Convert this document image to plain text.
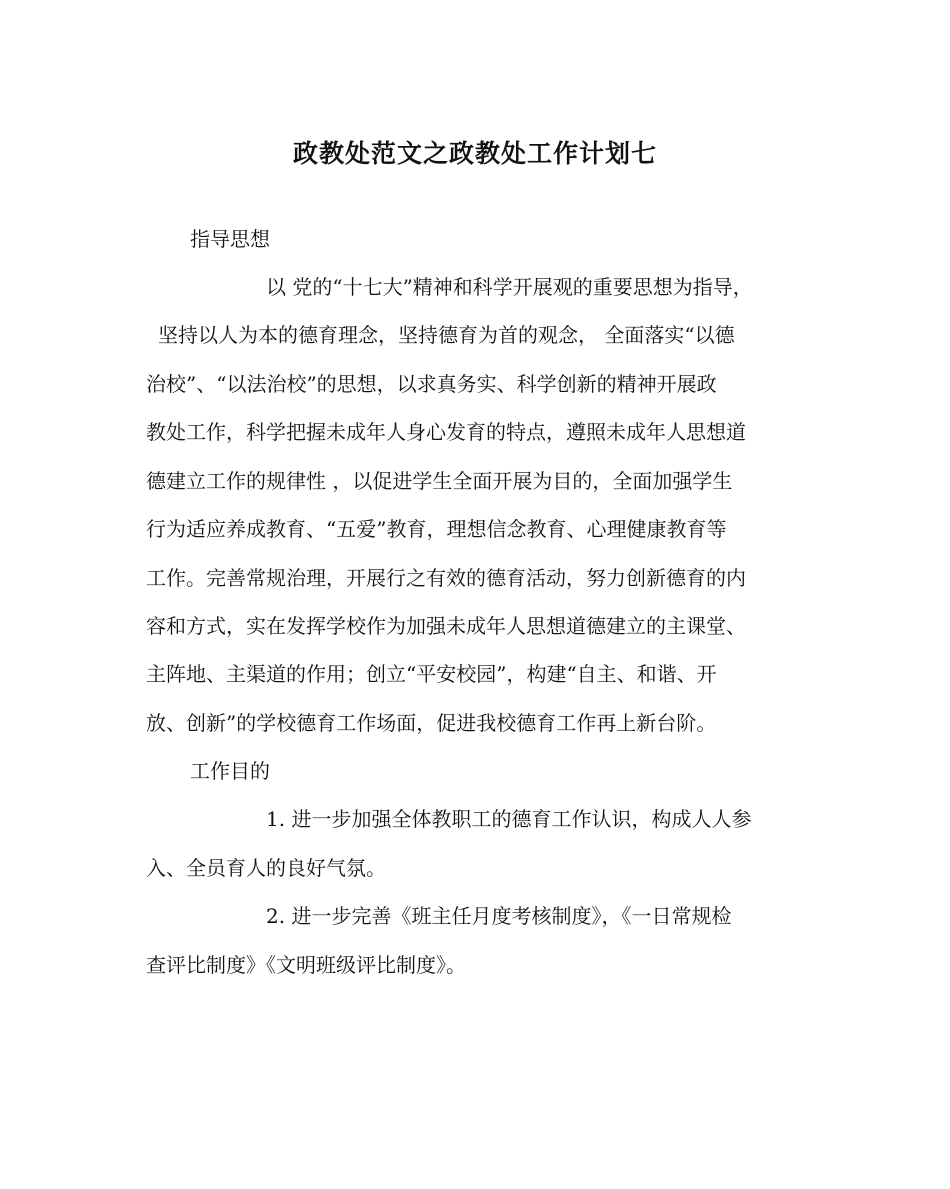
政教处范文之政教处工作计划七
指导思想
以 党的“十七大”精神和科学开展观的重要思想为指导，
坚持以人为本的德育理念，坚持德育为首的观念， 全面落实“以德
治校”、“以法治校”的思想，以求真务实、科学创新的精神开展政
教处工作，科学把握未成年人身心发育的特点，遵照未成年人思想道
德建立工作的规律性 ，以促进学生全面开展为目的，全面加强学生
行为适应养成教育、“五爱”教育，理想信念教育、心理健康教育等
工作。完善常规治理，开展行之有效的德育活动，努力创新德育的内
容和方式，实在发挥学校作为加强未成年人思想道德建立的主课堂、
主阵地、主渠道的作用；创立“平安校园”，构建“自主、和谐、开
放、创新”的学校德育工作场面，促进我校德育工作再上新台阶。
工作目的
1. 进一步加强全体教职工的德育工作认识，构成人人参
入、全员育人的良好气氛。
2. 进一步完善《班主任月度考核制度》，《一日常规检
查评比制度》《文明班级评比制度》。
